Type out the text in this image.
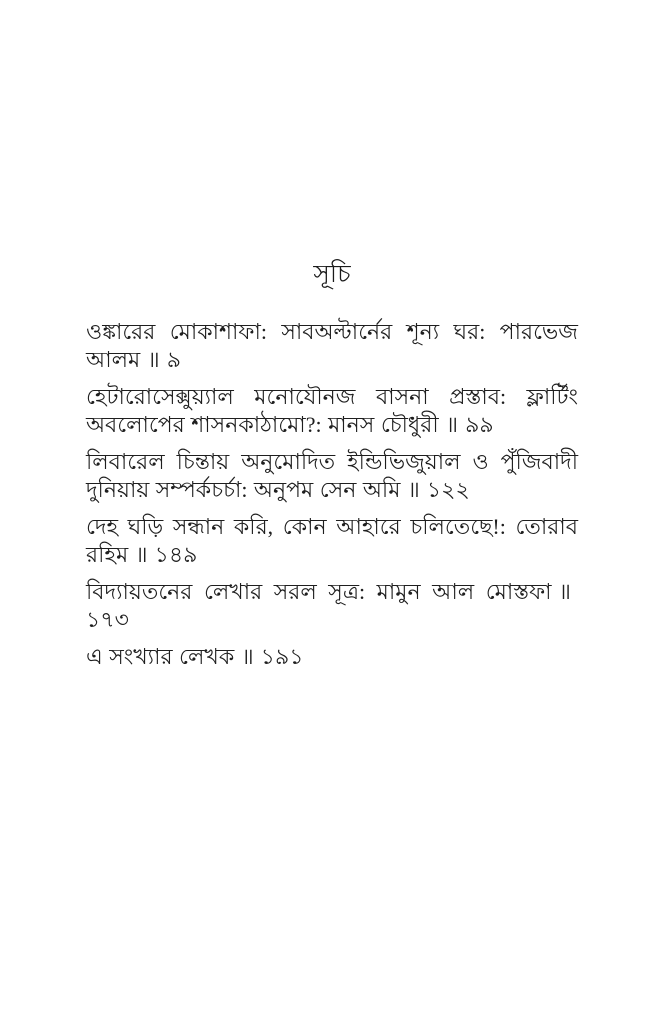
সূচি

ওঙ্কারের মোকাশাফা: সাবঅল্টার্নের শূন্য ঘর: পারভেজ আলম ॥ ৯

হেটারোসেক্সুয়্যাল মনোযৌনজ বাসনা প্রস্তাব: ফ্লার্টিং অবলোপের শাসনকাঠামো?: মানস চৌধুরী ॥ ৯৯

লিবারেল চিন্তায় অনুমোদিত ইন্ডিভিজুয়াল ও পুঁজিবাদী দুনিয়ায় সম্পর্কচর্চা: অনুপম সেন অমি ॥ ১২২

দেহ ঘড়ি সন্ধান করি, কোন আহারে চলিতেছে!: তোরাব রহিম ॥ ১৪৯

বিদ্যায়তনের লেখার সরল সূত্র: মামুন আল মোস্তফা ॥১৭৩

এ সংখ্যার লেখক ॥ ১৯১
